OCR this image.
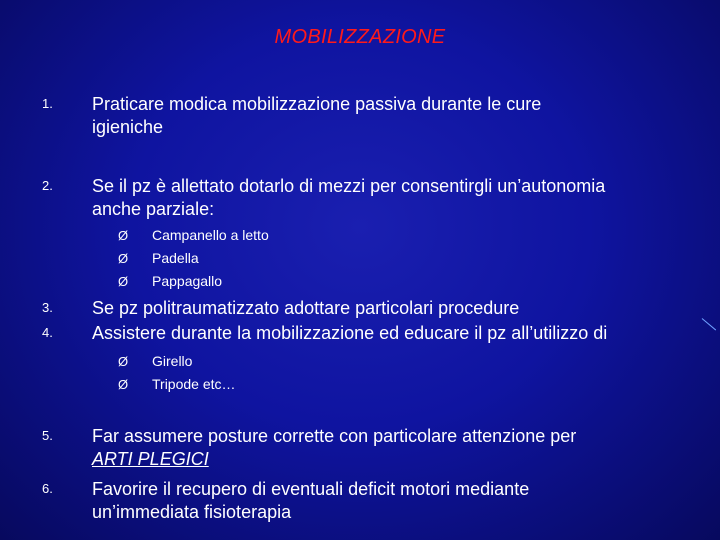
MOBILIZZAZIONE
1. Praticare modica mobilizzazione passiva durante le cure
igieniche
2. Se il pz è allettato dotarlo di mezzi per consentirgli un’autonomia
anche parziale:
Ø Campanello a letto
Ø Padella
Ø Pappagallo
3. Se pz politraumatizzato adottare particolari procedure
4. Assistere durante la mobilizzazione ed educare il pz all’utilizzo di
Ø Girello
Ø Tripode etc…
5. Far assumere posture corrette con particolare attenzione per
ARTI PLEGICI
6. Favorire il recupero di eventuali deficit motori mediante
un’immediata fisioterapia
